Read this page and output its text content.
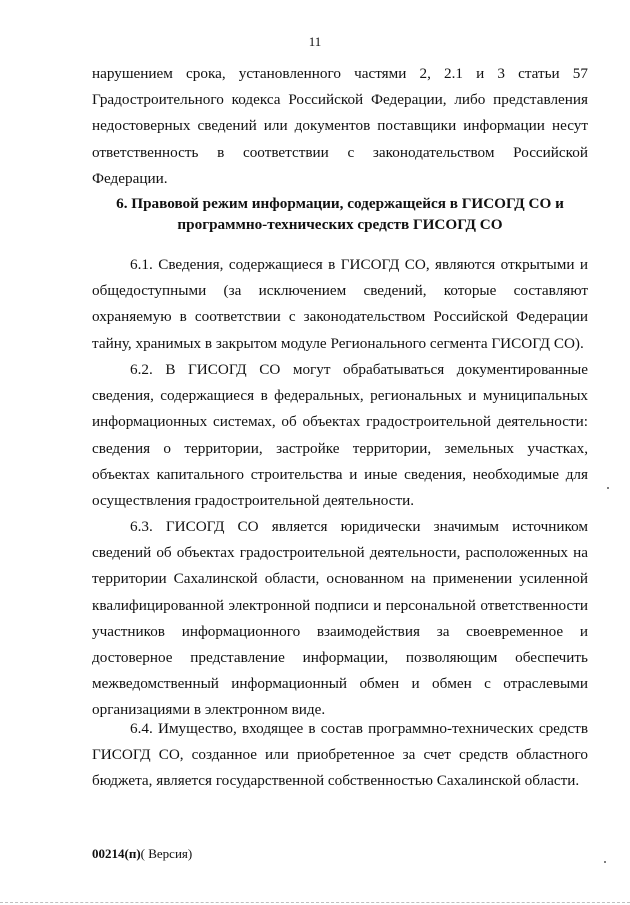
11

нарушением срока, установленного частями 2, 2.1 и 3 статьи 57 Градостроительного кодекса Российской Федерации, либо представления недостоверных сведений или документов поставщики информации несут ответственность в соответствии с законодательством Российской Федерации.

6. Правовой режим информации, содержащейся в ГИСОГД СО и программно-технических средств ГИСОГД СО

6.1. Сведения, содержащиеся в ГИСОГД СО, являются открытыми и общедоступными (за исключением сведений, которые составляют охраняемую в соответствии с законодательством Российской Федерации тайну, хранимых в закрытом модуле Регионального сегмента ГИСОГД СО).

6.2. В ГИСОГД СО могут обрабатываться документированные сведения, содержащиеся в федеральных, региональных и муниципальных информационных системах, об объектах градостроительной деятельности: сведения о территории, застройке территории, земельных участках, объектах капитального строительства и иные сведения, необходимые для осуществления градостроительной деятельности.

6.3. ГИСОГД СО является юридически значимым источником сведений об объектах градостроительной деятельности, расположенных на территории Сахалинской области, основанном на применении усиленной квалифицированной электронной подписи и персональной ответственности участников информационного взаимодействия за своевременное и достоверное представление информации, позволяющим обеспечить межведомственный информационный обмен и обмен с отраслевыми организациями в электронном виде.

6.4. Имущество, входящее в состав программно-технических средств ГИСОГД СО, созданное или приобретенное за счет средств областного бюджета, является государственной собственностью Сахалинской области.

00214(п)( Версия)
